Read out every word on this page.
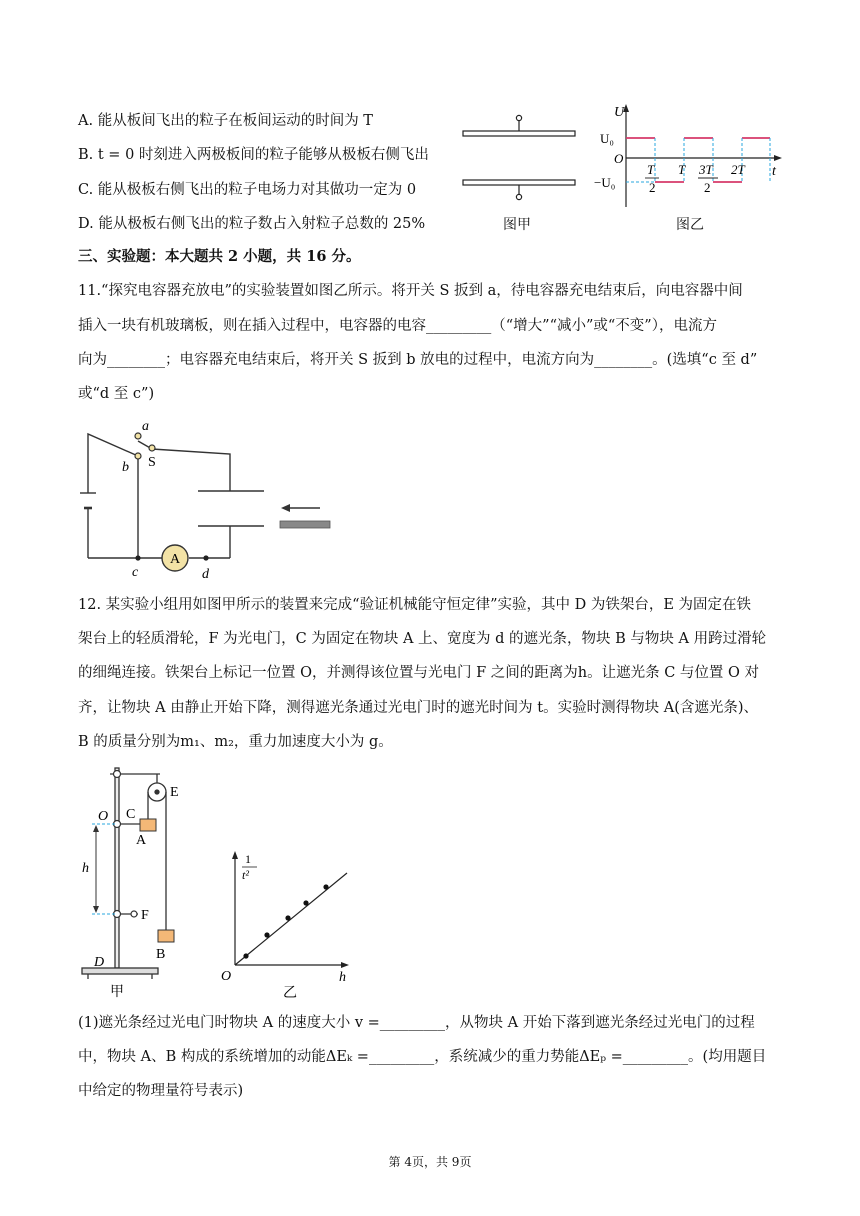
A. 能从板间飞出的粒子在板间运动的时间为 T
B. t = 0 时刻进入两极板间的粒子能够从极板右侧飞出
C. 能从极板右侧飞出的粒子电场力对其做功一定为 0
D. 能从极板右侧飞出的粒子数占入射粒子总数的 25%	图甲
U
U₀
O
−U₀
t
T
2
T 3T
2
2T
图乙
三、实验题：本大题共 2 小题，共 16 分。
11.“探究电容器充放电”的实验装置如图乙所示。将开关 S 扳到 a，待电容器充电结束后，向电容器中间
插入一块有机玻璃板，则在插入过程中，电容器的电容_________（“增大”“减小”或“不变”），电流方
向为________；电容器充电结束后，将开关 S 扳到 b 放电的过程中，电流方向为________。(选填“c 至 d”
或“d 至 c”)
a
S
b
A
c	d
12. 某实验小组用如图甲所示的装置来完成“验证机械能守恒定律”实验，其中 D 为铁架台，E 为固定在铁
架台上的轻质滑轮，F 为光电门，C 为固定在物块 A 上、宽度为 d 的遮光条，物块 B 与物块 A 用跨过滑轮
的细绳连接。铁架台上标记一位置 O，并测得该位置与光电门 F 之间的距离为h。让遮光条 C 与位置 O 对
齐，让物块 A 由静止开始下降，测得遮光条通过光电门时的遮光时间为 t。实验时测得物块 A(含遮光条)、
B 的质量分别为m₁、m₂，重力加速度大小为 g。
E
C
O
A
h
F
B
D
甲
1
t²
O	h
乙
(1)遮光条经过光电门时物块 A 的速度大小 v =_________，从物块 A 开始下落到遮光条经过光电门的过程
中，物块 A、B 构成的系统增加的动能ΔEₖ =_________，系统减少的重力势能ΔEₚ =_________。(均用题目
中给定的物理量符号表示)
第 4页，共 9页
